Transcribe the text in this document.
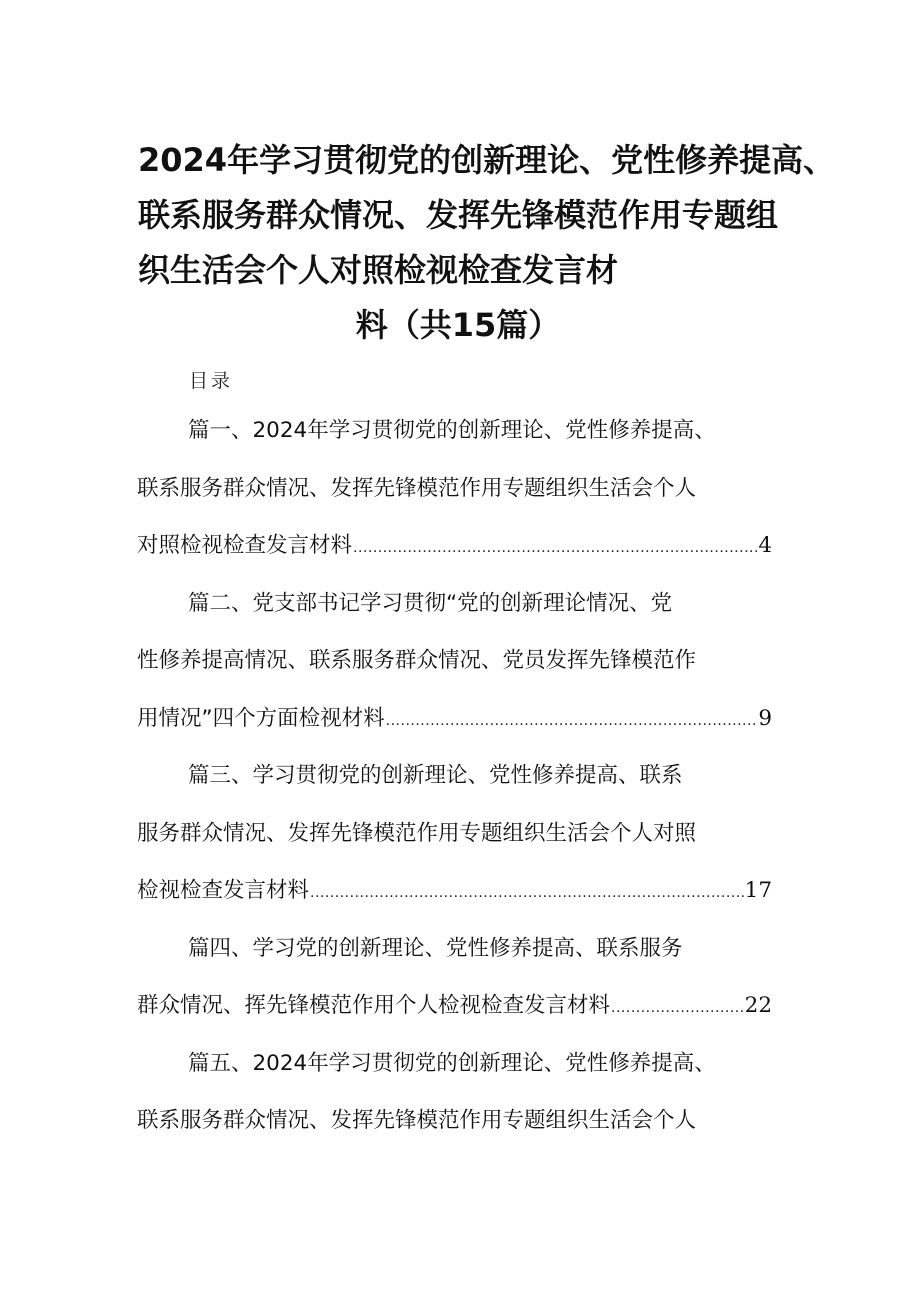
2024年学习贯彻党的创新理论、党性修养提高、
联系服务群众情况、发挥先锋模范作用专题组
织生活会个人对照检视检查发言材
料（共15篇）
目录
篇一、2024年学习贯彻党的创新理论、党性修养提高、
联系服务群众情况、发挥先锋模范作用专题组织生活会个人
对照检视检查发言材料 .....	4
篇二、党支部书记学习贯彻“党的创新理论情况、党
性修养提高情况、联系服务群众情况、党员发挥先锋模范作
用情况”四个方面检视材料 .....	9
篇三、学习贯彻党的创新理论、党性修养提高、联系
服务群众情况、发挥先锋模范作用专题组织生活会个人对照
检视检查发言材料 .....	17
篇四、学习党的创新理论、党性修养提高、联系服务
群众情况、挥先锋模范作用个人检视检查发言材料 .....	22
篇五、2024年学习贯彻党的创新理论、党性修养提高、
联系服务群众情况、发挥先锋模范作用专题组织生活会个人
